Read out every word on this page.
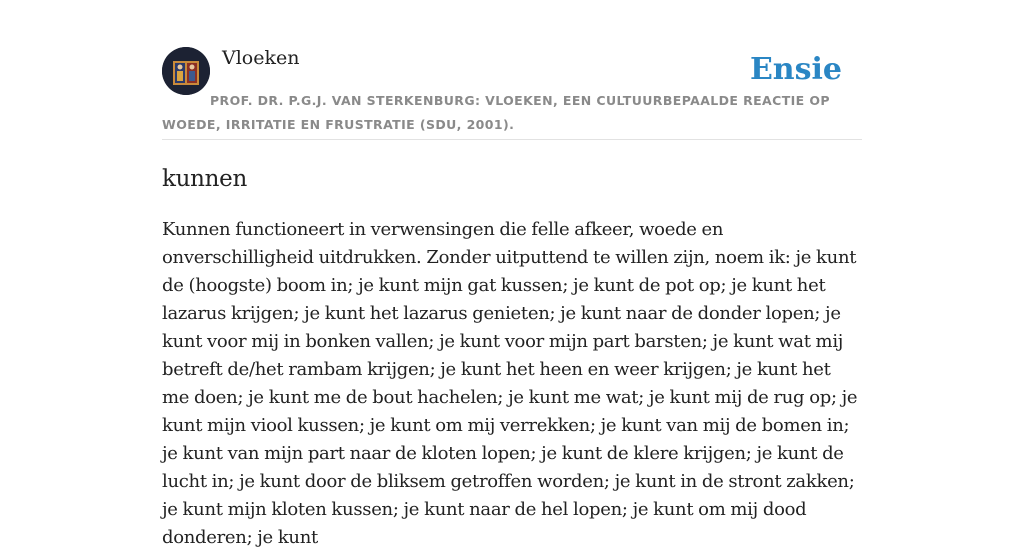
Vloeken	Ensie
PROF. DR. P.G.J. VAN STERKENBURG: VLOEKEN, EEN CULTUURBEPAALDE REACTIE OP WOEDE, IRRITATIE EN FRUSTRATIE (SDU, 2001).
kunnen

Kunnen functioneert in verwensingen die felle afkeer, woede en onverschilligheid uitdrukken. Zonder uitputtend te willen zijn, noem ik: je kunt de (hoogste) boom in; je kunt mijn gat kussen; je kunt de pot op; je kunt het lazarus krijgen; je kunt het lazarus genieten; je kunt naar de donder lopen; je kunt voor mij in bonken vallen; je kunt voor mijn part barsten; je kunt wat mij betreft de/het rambam krijgen; je kunt het heen en weer krijgen; je kunt het me doen; je kunt me de bout hachelen; je kunt me wat; je kunt mij de rug op; je kunt mijn viool kussen; je kunt om mij verrekken; je kunt van mij de bomen in; je kunt van mijn part naar de kloten lopen; je kunt de klere krijgen; je kunt de lucht in; je kunt door de bliksem getroffen worden; je kunt in de stront zakken; je kunt mijn kloten kussen; je kunt naar de hel lopen; je kunt om mij dood donderen; je kunt
